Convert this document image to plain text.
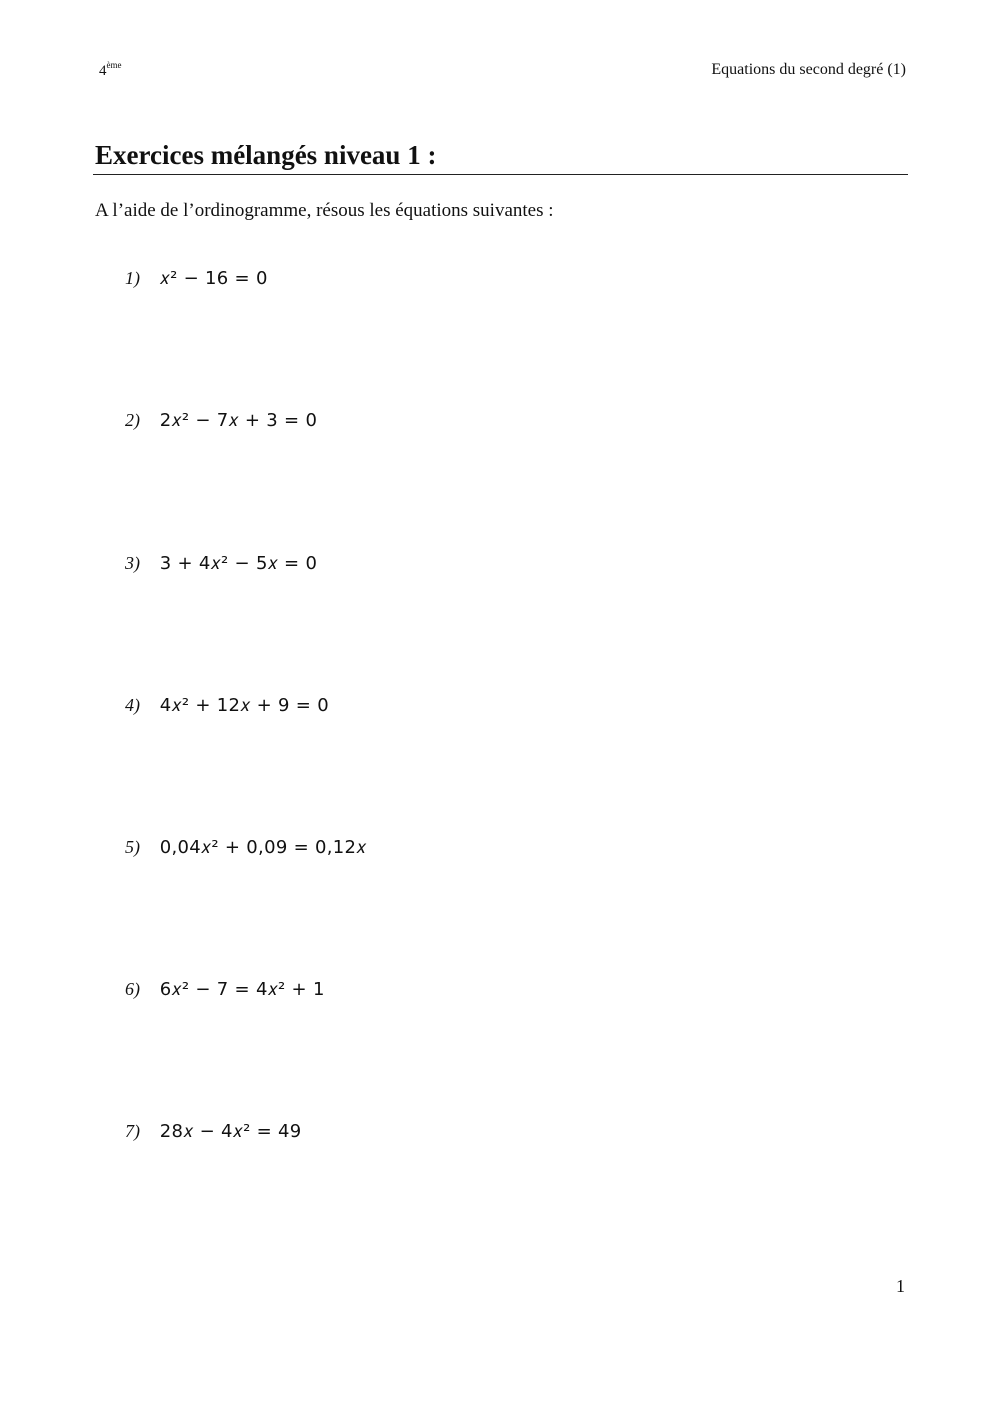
4ème	Equations du second degré (1)
Exercices mélangés niveau 1 :

A l’aide de l’ordinogramme, résous les équations suivantes :

1) 𝑥² − 16 = 0
2) 2𝑥² − 7𝑥 + 3 = 0
3) 3 + 4𝑥² − 5𝑥 = 0
4) 4𝑥² + 12𝑥 + 9 = 0
5) 0,04𝑥² + 0,09 = 0,12𝑥
6) 6𝑥² − 7 = 4𝑥² + 1
7) 28𝑥 − 4𝑥² = 49
1
